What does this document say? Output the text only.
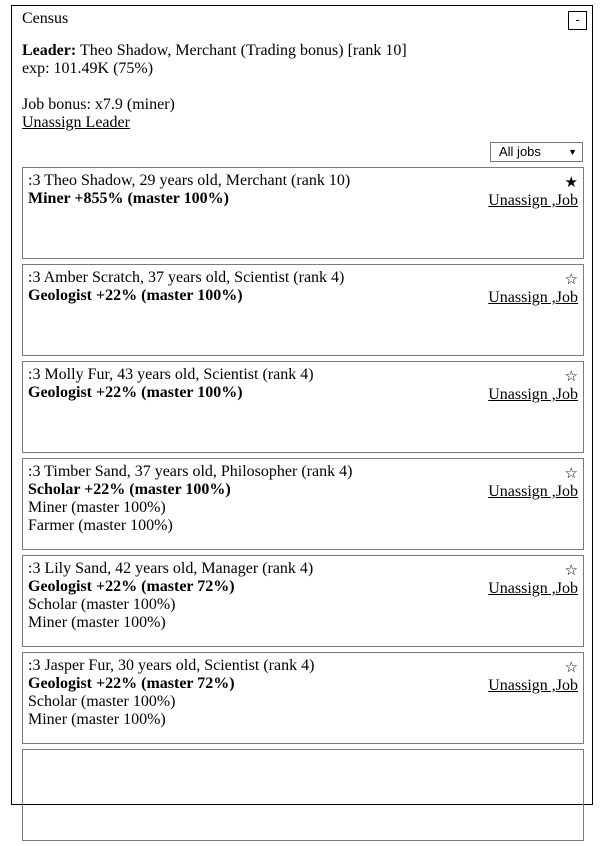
Census	-
Leader: Theo Shadow, Merchant (Trading bonus) [rank 10]
exp: 101.49K (75%)
Job bonus: x7.9 (miner)
Unassign Leader
All jobs	▼
:3 Theo Shadow, 29 years old, Merchant (rank 10)
Miner +855% (master 100%)
★
Unassign ,Job
:3 Amber Scratch, 37 years old, Scientist (rank 4)
Geologist +22% (master 100%)
☆
Unassign ,Job
:3 Molly Fur, 43 years old, Scientist (rank 4)
Geologist +22% (master 100%)
☆
Unassign ,Job
:3 Timber Sand, 37 years old, Philosopher (rank 4)
Scholar +22% (master 100%)
Miner (master 100%)
Farmer (master 100%)
☆
Unassign ,Job
:3 Lily Sand, 42 years old, Manager (rank 4)
Geologist +22% (master 72%)
Scholar (master 100%)
Miner (master 100%)
☆
Unassign ,Job
:3 Jasper Fur, 30 years old, Scientist (rank 4)
Geologist +22% (master 72%)
Scholar (master 100%)
Miner (master 100%)
☆
Unassign ,Job
